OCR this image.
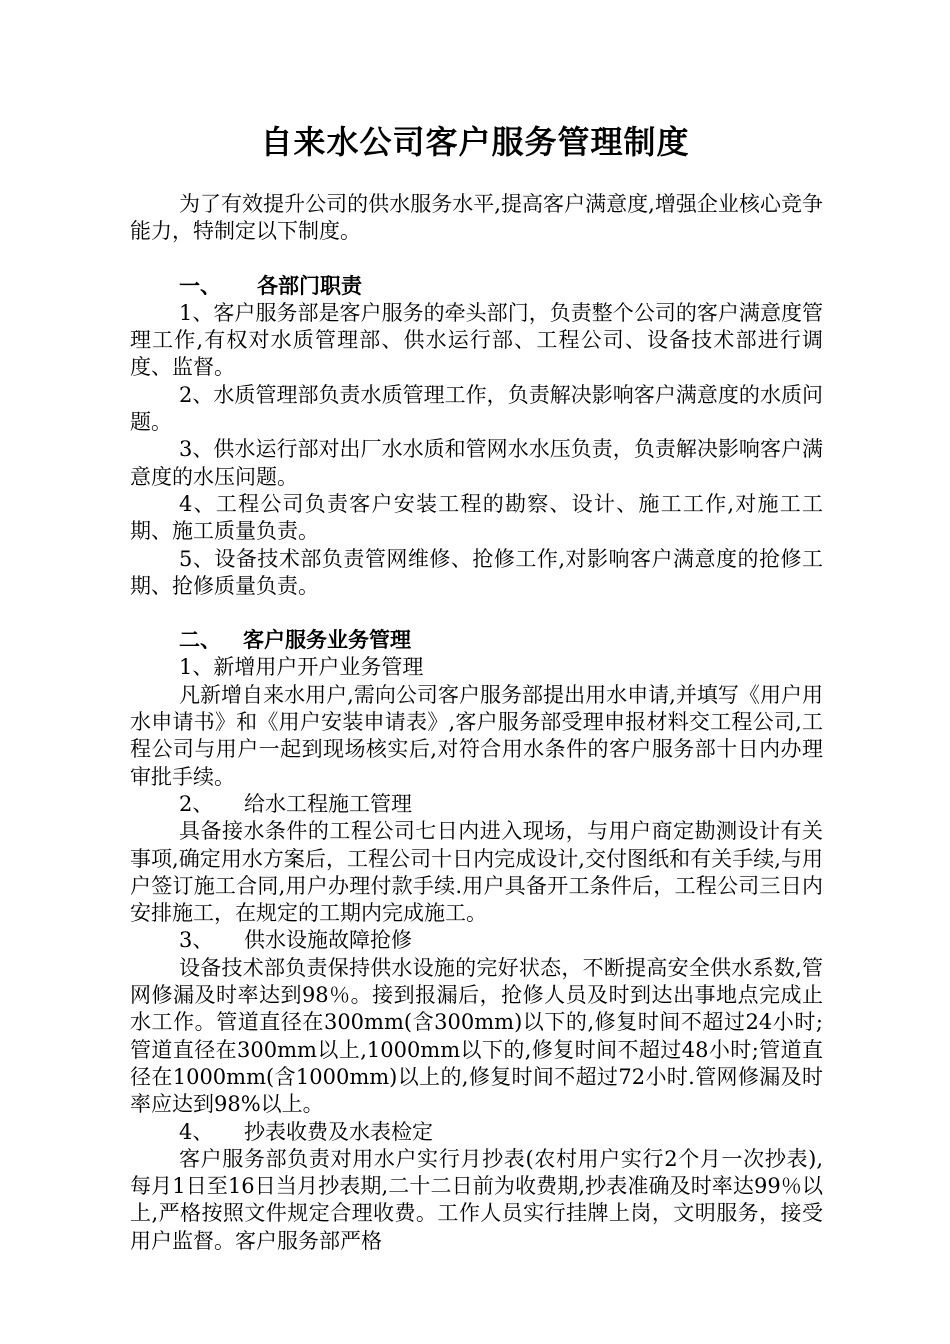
自来水公司客户服务管理制度

为了有效提升公司的供水服务水平,提高客户满意度,增强企业核心竞争能力，特制定以下制度。

一、 各部门职责

1、客户服务部是客户服务的牵头部门，负责整个公司的客户满意度管理工作,有权对水质管理部、供水运行部、工程公司、设备技术部进行调度、监督。

2、水质管理部负责水质管理工作，负责解决影响客户满意度的水质问题。

3、供水运行部对出厂水水质和管网水水压负责，负责解决影响客户满意度的水压问题。

4、工程公司负责客户安装工程的勘察、设计、施工工作,对施工工期、施工质量负责。

5、设备技术部负责管网维修、抢修工作,对影响客户满意度的抢修工期、抢修质量负责。

二、 客户服务业务管理
1、新增用户开户业务管理

凡新增自来水用户,需向公司客户服务部提出用水申请,并填写《用户用水申请书》和《用户安装申请表》,客户服务部受理申报材料交工程公司,工程公司与用户一起到现场核实后,对符合用水条件的客户服务部十日内办理审批手续。

2、 给水工程施工管理

具备接水条件的工程公司七日内进入现场，与用户商定勘测设计有关事项,确定用水方案后，工程公司十日内完成设计,交付图纸和有关手续,与用户签订施工合同,用户办理付款手续.用户具备开工条件后，工程公司三日内安排施工，在规定的工期内完成施工。

3、 供水设施故障抢修

设备技术部负责保持供水设施的完好状态，不断提高安全供水系数,管网修漏及时率达到98％。接到报漏后，抢修人员及时到达出事地点完成止水工作。管道直径在300mm(含300mm)以下的,修复时间不超过24小时;管道直径在300mm以上,1000mm以下的,修复时间不超过48小时;管道直径在1000mm(含1000mm)以上的,修复时间不超过72小时.管网修漏及时率应达到98%以上。

4、 抄表收费及水表检定

客户服务部负责对用水户实行月抄表(农村用户实行2个月一次抄表),每月1日至16日当月抄表期,二十二日前为收费期,抄表准确及时率达99％以上,严格按照文件规定合理收费。工作人员实行挂牌上岗，文明服务，接受用户监督。客户服务部严格
